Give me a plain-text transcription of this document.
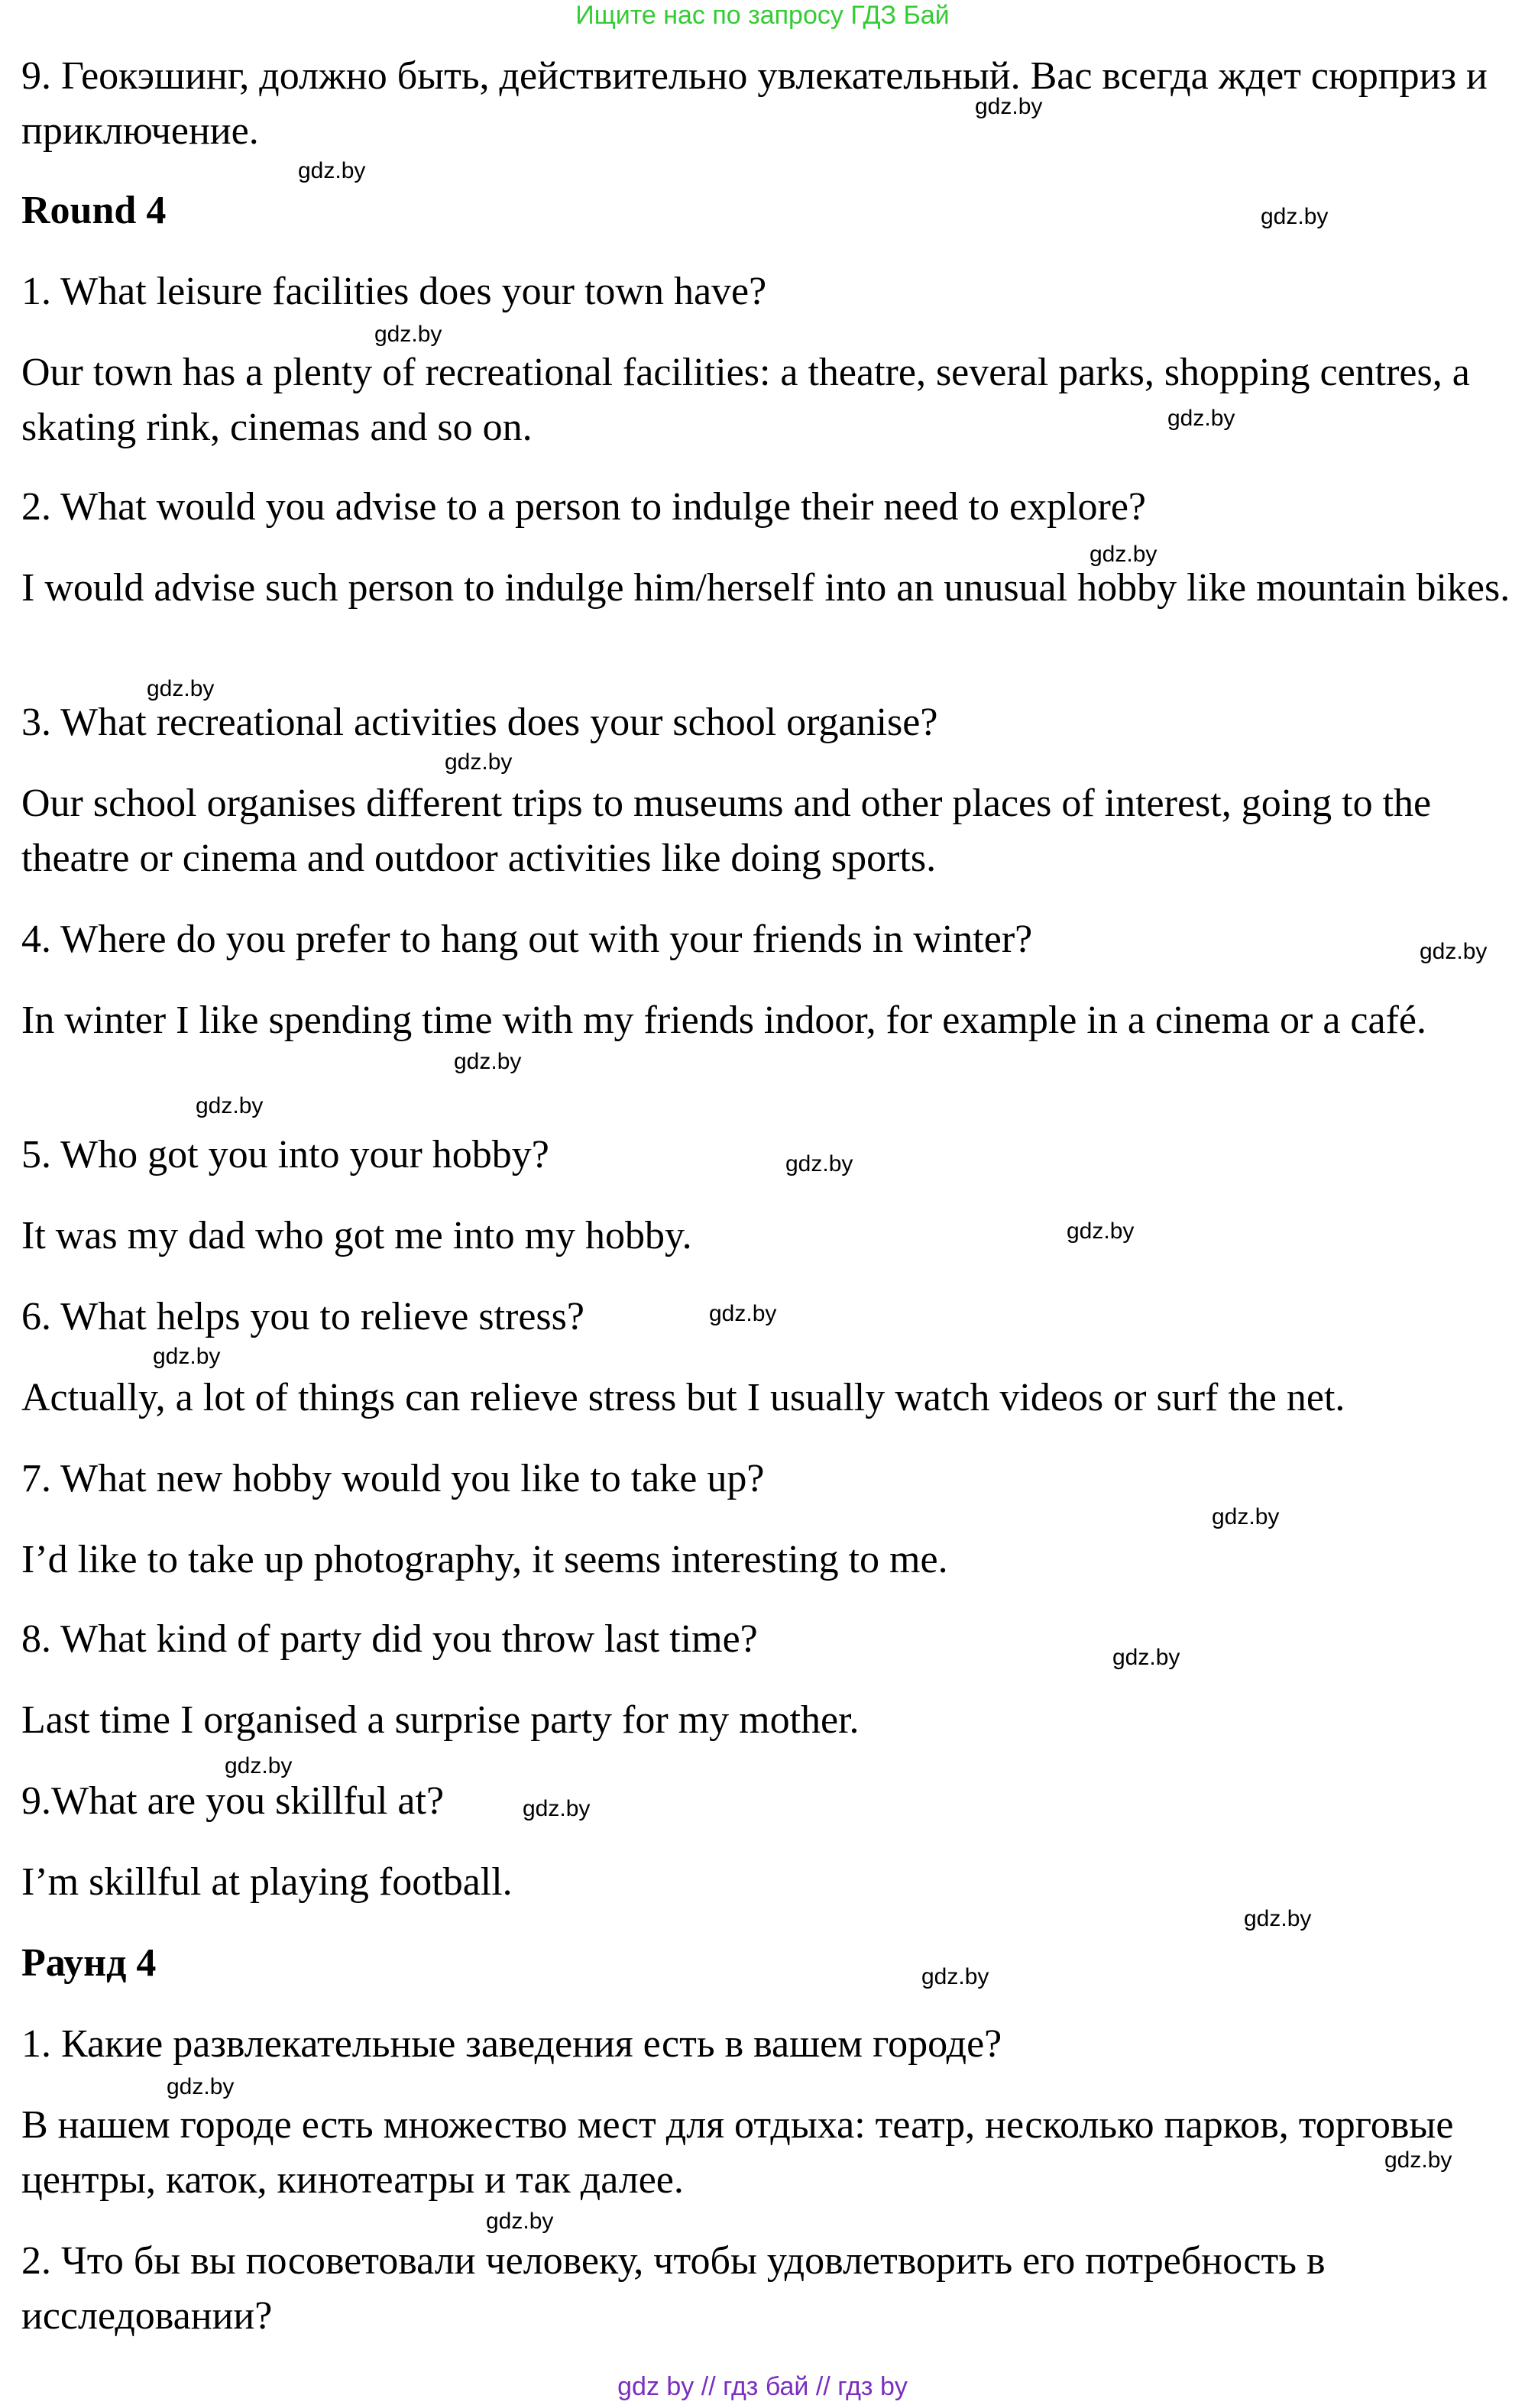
Ищите нас по запросу ГДЗ Бай

9. Геокэшинг, должно быть, действительно увлекательный. Вас всегда ждет сюрприз и приключение.

Round 4

1. What leisure facilities does your town have?

Our town has a plenty of recreational facilities: a theatre, several parks, shopping centres, a skating rink, cinemas and so on.

2. What would you advise to a person to indulge their need to explore?

I would advise such person to indulge him/herself into an unusual hobby like mountain bikes.

3. What recreational activities does your school organise?

Our school organises different trips to museums and other places of interest, going to the theatre or cinema and outdoor activities like doing sports.

4. Where do you prefer to hang out with your friends in winter?

In winter I like spending time with my friends indoor, for example in a cinema or a café.

5. Who got you into your hobby?

It was my dad who got me into my hobby.

6. What helps you to relieve stress?

Actually, a lot of things can relieve stress but I usually watch videos or surf the net.

7. What new hobby would you like to take up?

I’d like to take up photography, it seems interesting to me.

8. What kind of party did you throw last time?

Last time I organised a surprise party for my mother.

9.What are you skillful at?

I’m skillful at playing football.

Раунд 4

1. Какие развлекательные заведения есть в вашем городе?

В нашем городе есть множество мест для отдыха: театр, несколько парков, торговые центры, каток, кинотеатры и так далее.

2. Что бы вы посоветовали человеку, чтобы удовлетворить его потребность в исследовании?

gdz.by
gdz.by
gdz.by
gdz.by
gdz.by
gdz.by
gdz.by
gdz.by
gdz.by
gdz.by
gdz.by
gdz.by
gdz.by
gdz.by
gdz.by
gdz.by
gdz.by
gdz.by
gdz.by
gdz.by
gdz.by
gdz.by
gdz.by
gdz.by

gdz by // гдз бай // гдз by
